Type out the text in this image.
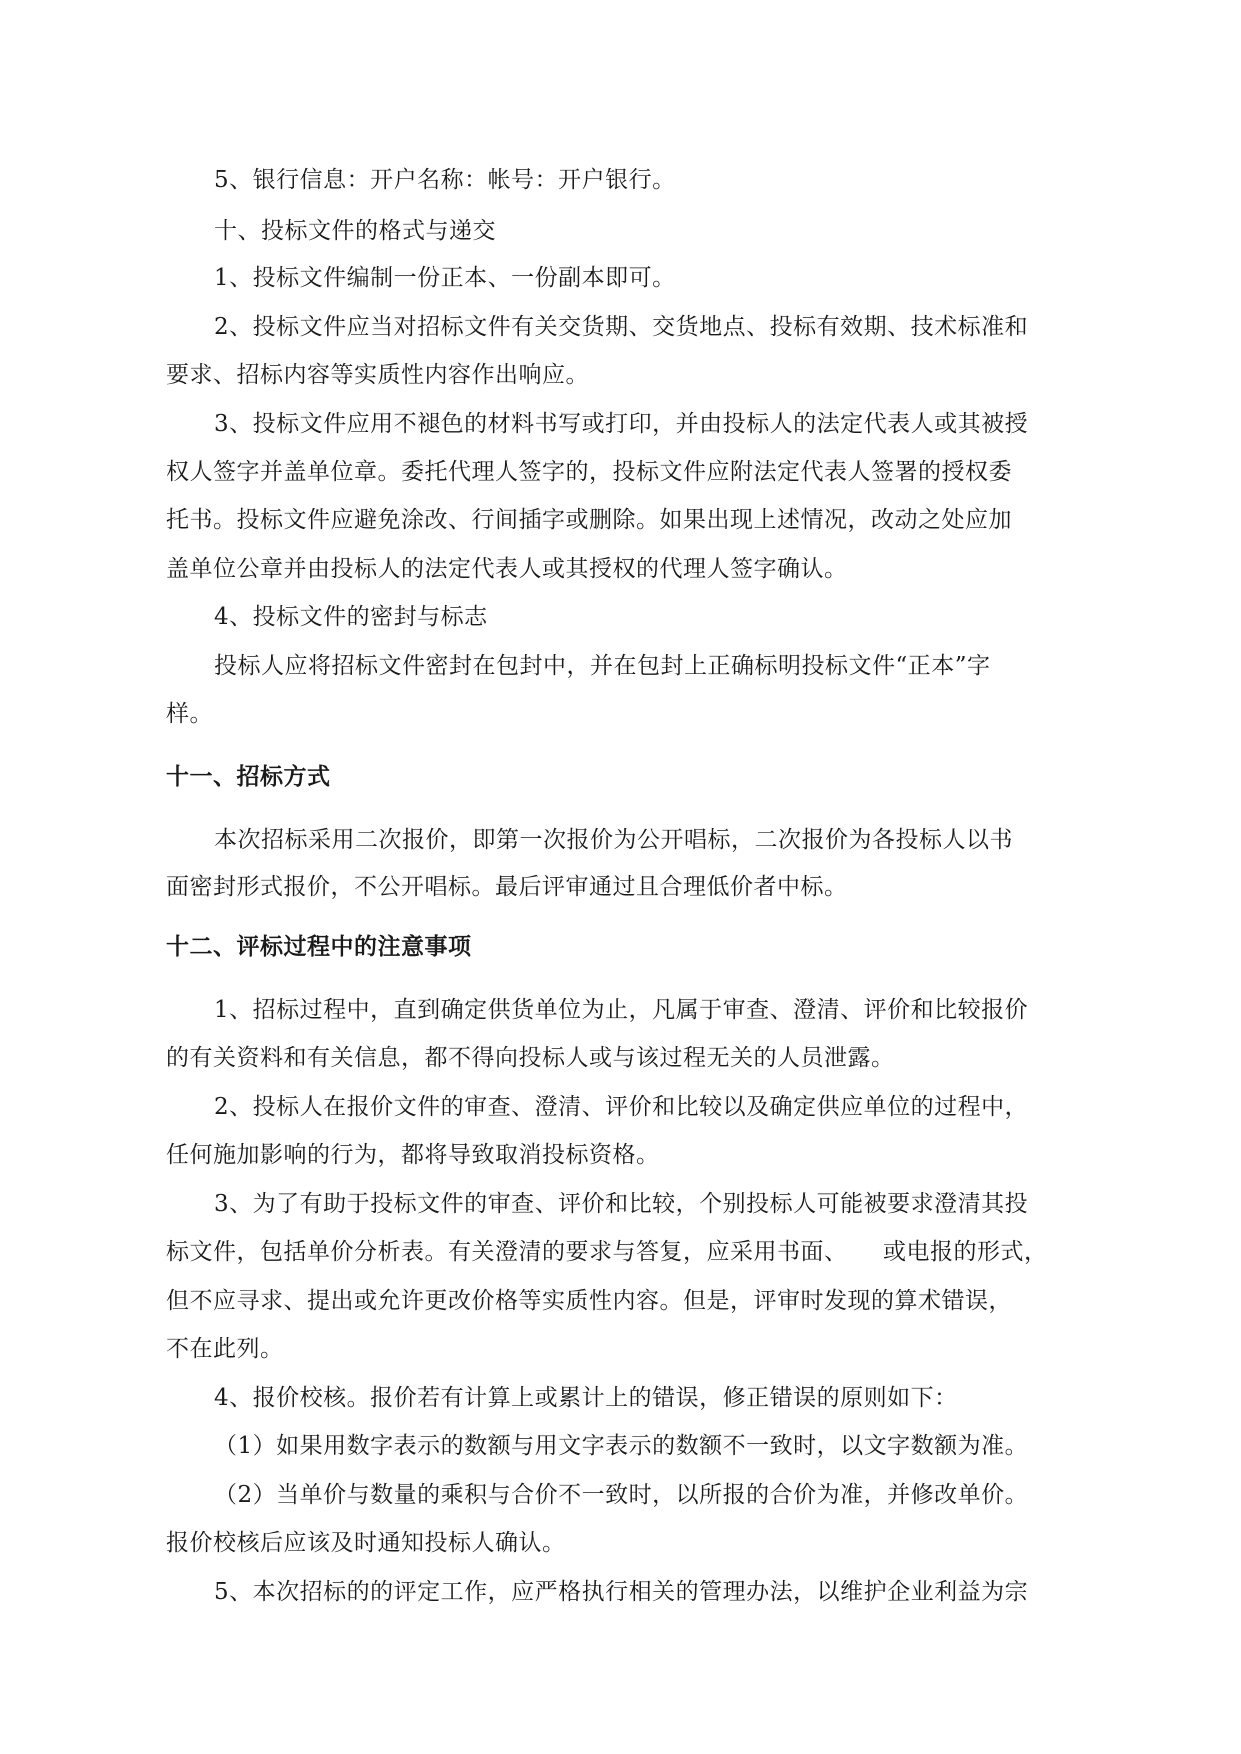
5、银行信息：开户名称：帐号：开户银行。
十、投标文件的格式与递交
1、投标文件编制一份正本、一份副本即可。
2、投标文件应当对招标文件有关交货期、交货地点、投标有效期、技术标准和
要求、招标内容等实质性内容作出响应。
3、投标文件应用不褪色的材料书写或打印，并由投标人的法定代表人或其被授
权人签字并盖单位章。委托代理人签字的，投标文件应附法定代表人签署的授权委
托书。投标文件应避免涂改、行间插字或删除。如果出现上述情况，改动之处应加
盖单位公章并由投标人的法定代表人或其授权的代理人签字确认。
4、投标文件的密封与标志
投标人应将招标文件密封在包封中，并在包封上正确标明投标文件“正本”字
样。
十一、招标方式
本次招标采用二次报价，即第一次报价为公开唱标，二次报价为各投标人以书
面密封形式报价，不公开唱标。最后评审通过且合理低价者中标。
十二、评标过程中的注意事项
1、招标过程中，直到确定供货单位为止，凡属于审查、澄清、评价和比较报价
的有关资料和有关信息，都不得向投标人或与该过程无关的人员泄露。
2、投标人在报价文件的审查、澄清、评价和比较以及确定供应单位的过程中，
任何施加影响的行为，都将导致取消投标资格。
3、为了有助于投标文件的审查、评价和比较，个别投标人可能被要求澄清其投
标文件，包括单价分析表。有关澄清的要求与答复，应采用书面、　　或电报的形式，
但不应寻求、提出或允许更改价格等实质性内容。但是，评审时发现的算术错误，
不在此列。
4、报价校核。报价若有计算上或累计上的错误，修正错误的原则如下：
（1）如果用数字表示的数额与用文字表示的数额不一致时，以文字数额为准。
（2）当单价与数量的乘积与合价不一致时，以所报的合价为准，并修改单价。
报价校核后应该及时通知投标人确认。
5、本次招标的的评定工作，应严格执行相关的管理办法，以维护企业利益为宗
